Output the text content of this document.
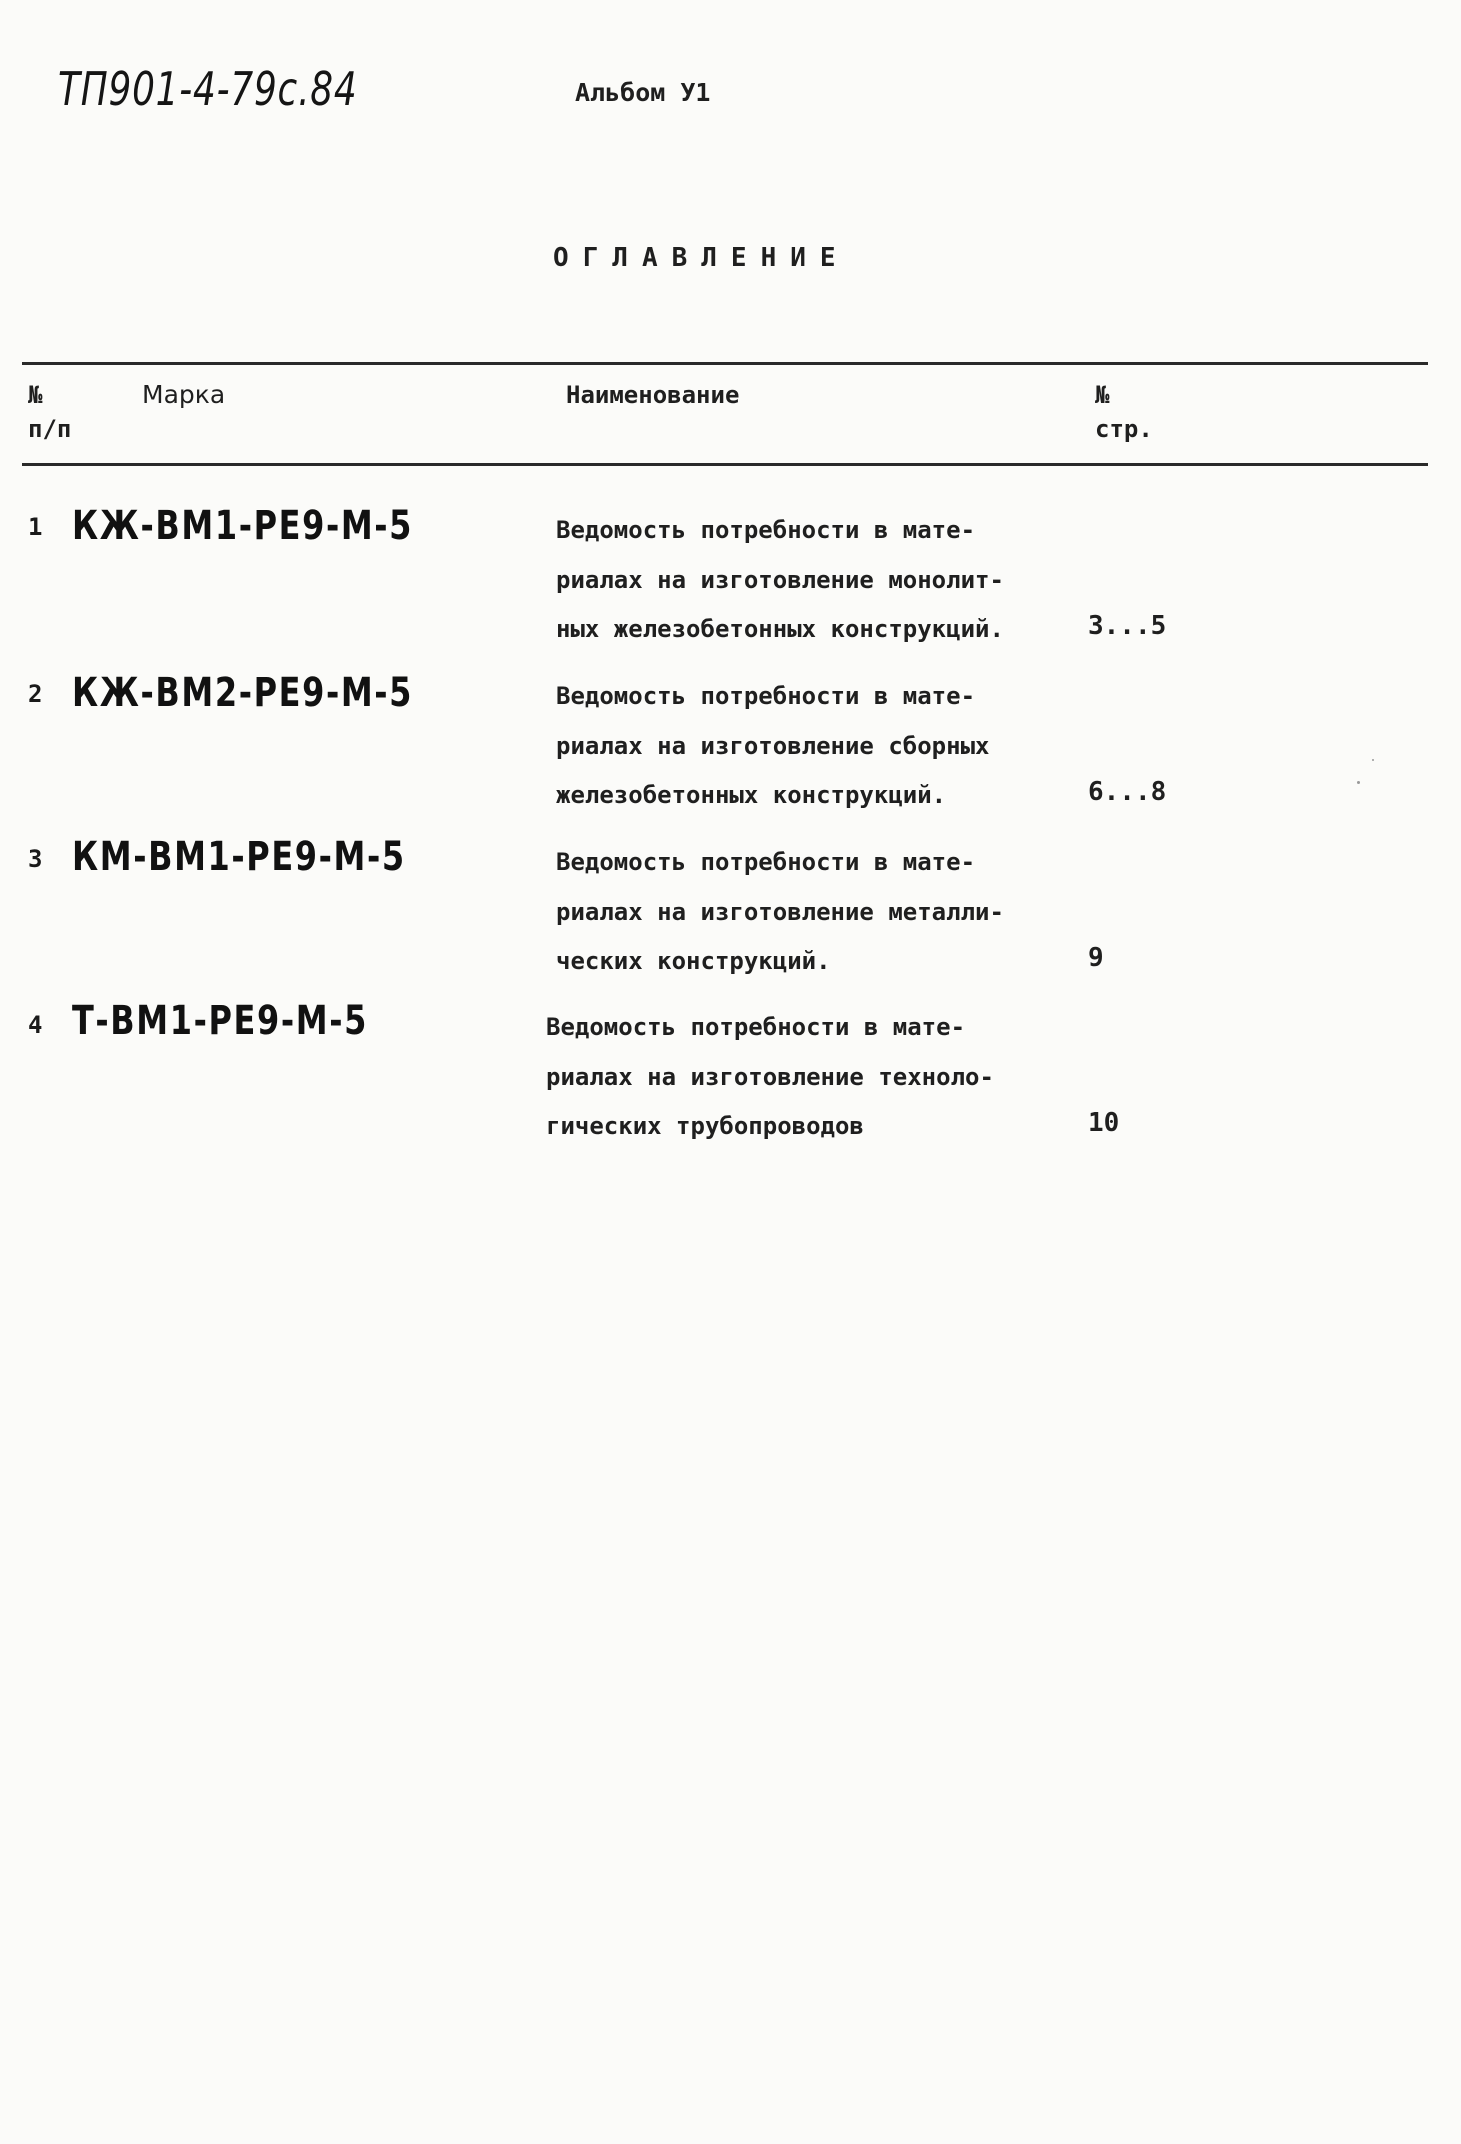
ТП901-4-79с.84	Альбом У1
ОГЛАВЛЕНИЕ
№
п/п
Марка	Наименование	№
стр.
1 КЖ-ВМ1-РЕ9-М-5	Ведомость потребности в мате-
риалах на изготовление монолит-
ных железобетонных конструкций.	3...5
2 КЖ-ВМ2-РЕ9-М-5	Ведомость потребности в мате-
риалах на изготовление сборных
железобетонных конструкций.	6...8
3 КМ-ВМ1-РЕ9-М-5	Ведомость потребности в мате-
риалах на изготовление металли-
ческих конструкций.	9
4 Т-ВМ1-РЕ9-М-5	Ведомость потребности в мате-
риалах на изготовление техноло-
гических трубопроводов	10
